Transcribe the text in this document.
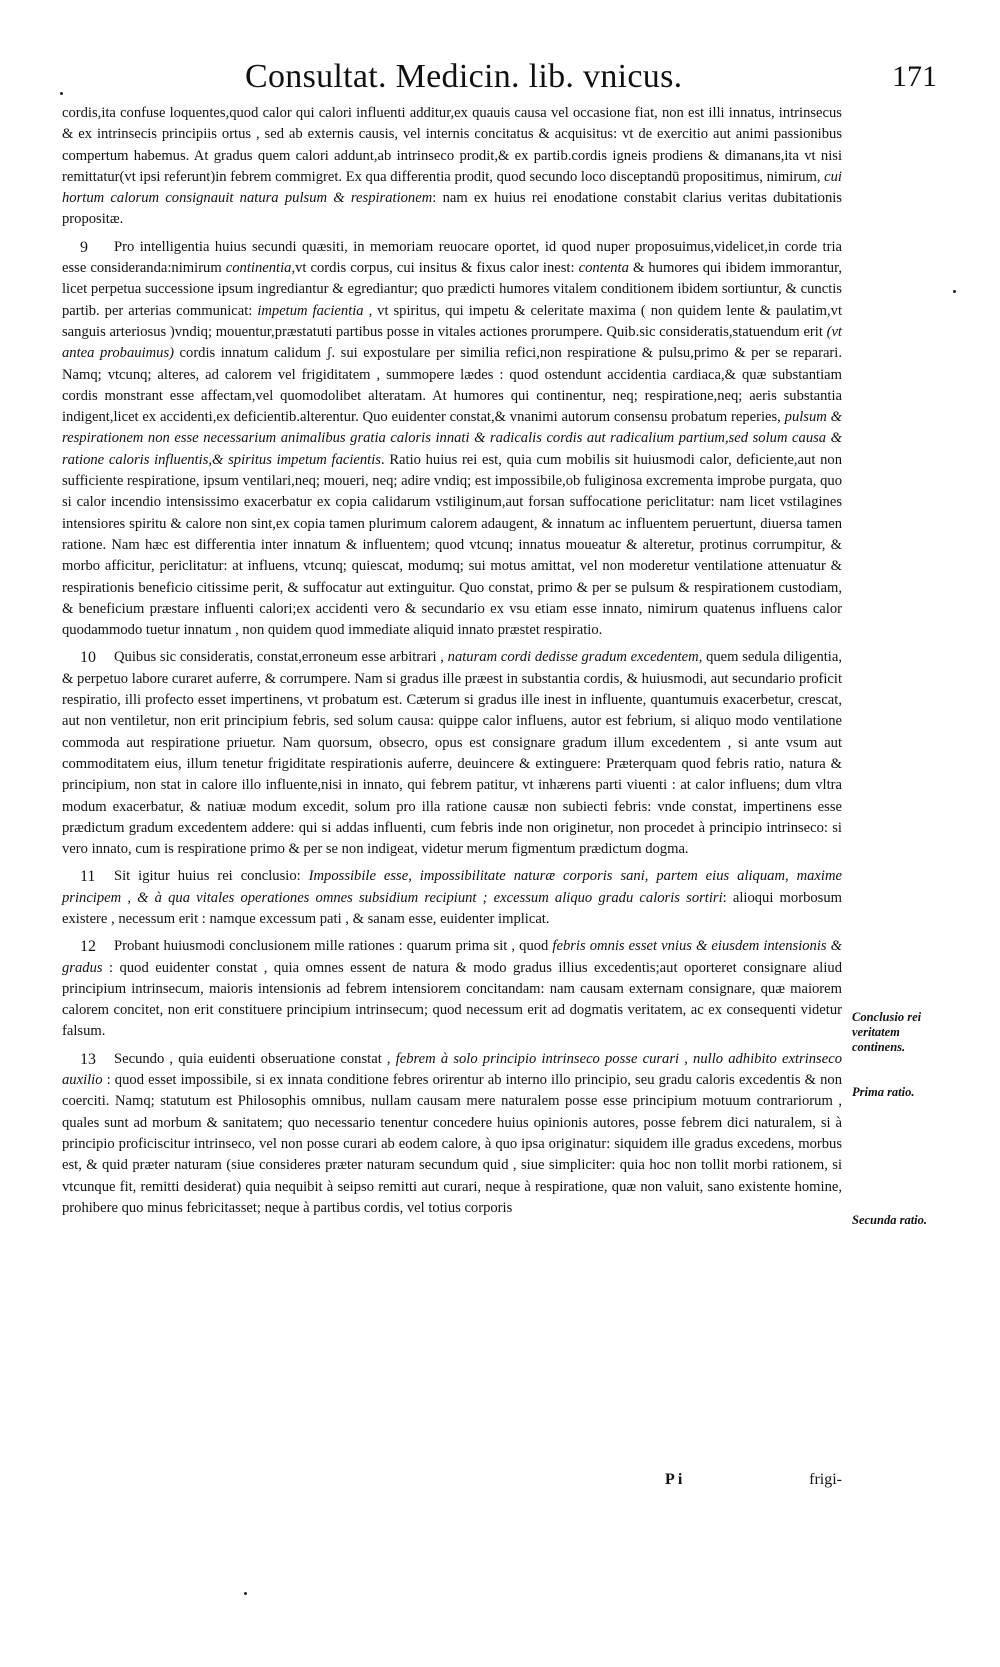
Consultat. Medicin. lib. vnicus.	171

cordis,ita confuse loquentes,quod calor qui calori influenti additur,ex quauis causa vel occasione fiat, non est illi innatus, intrinsecus & ex intrinsecis principiis ortus , sed ab externis causis, vel internis concitatus & acquisitus: vt de exercitio aut animi passionibus compertum habemus. At gradus quem calori addunt,ab intrinseco prodit,& ex partib.cordis igneis prodiens & dimanans,ita vt nisi remittatur(vt ipsi referunt)in febrem commigret. Ex qua differentia prodit, quod secundo loco disceptandū propositimus, nimirum, cui hortum calorum consignauit natura pulsum & respirationem: nam ex huius rei enodatione constabit clarius veritas dubitationis propositæ.

9 Pro intelligentia huius secundi quæsiti, in memoriam reuocare oportet, id quod nuper proposuimus,videlicet,in corde tria esse consideranda:nimirum continentia,vt cordis corpus, cui insitus & fixus calor inest: contenta & humores qui ibidem immorantur, licet perpetua successione ipsum ingrediantur & egrediantur; quo prædicti humores vitalem conditionem ibidem sortiuntur, & cunctis partib. per arterias communicat: impetum facientia , vt spiritus, qui impetu & celeritate maxima ( non quidem lente & paulatim,vt sanguis arteriosus )vndiq; mouentur,præstatuti partibus posse in vitales actiones prorumpere. Quib.sic consideratis,statuendum erit (vt antea probauimus) cordis innatum calidum ʃ. sui expostulare per similia refici,non respiratione & pulsu,primo & per se reparari. Namq; vtcunq; alteres, ad calorem vel frigiditatem , summopere lædes : quod ostendunt accidentia cardiaca,& quæ substantiam cordis monstrant esse affectam,vel quomodolibet alteratam. At humores qui continentur, neq; respiratione,neq; aeris substantia indigent,licet ex accidenti,ex deficientib.alterentur. Quo euidenter constat,& vnanimi autorum consensu probatum reperies, pulsum & respirationem non esse necessarium animalibus gratia caloris innati & radicalis cordis aut radicalium partium,sed solum causa & ratione caloris influentis,& spiritus impetum facientis. Ratio huius rei est, quia cum mobilis sit huiusmodi calor, deficiente,aut non sufficiente respiratione, ipsum ventilari,neq; moueri, neq; adire vndiq; est impossibile,ob fuliginosa excrementa improbe purgata, quo si calor incendio intensissimo exacerbatur ex copia calidarum vstiliginum,aut forsan suffocatione periclitatur: nam licet vstilagines intensiores spiritu & calore non sint,ex copia tamen plurimum calorem adaugent, & innatum ac influentem peruertunt, diuersa tamen ratione. Nam hæc est differentia inter innatum & influentem; quod vtcunq; innatus moueatur & alteretur, protinus corrumpitur, & morbo afficitur, periclitatur: at influens, vtcunq; quiescat, modumq; sui motus amittat, vel non moderetur ventilatione attenuatur & respirationis beneficio citissime perit, & suffocatur aut extinguitur. Quo constat, primo & per se pulsum & respirationem custodiam, & beneficium præstare influenti calori;ex accidenti vero & secundario ex vsu etiam esse innato, nimirum quatenus influens calor quodammodo tuetur innatum , non quidem quod immediate aliquid innato præstet respiratio.

10 Quibus sic consideratis, constat,erroneum esse arbitrari , naturam cordi dedisse gradum excedentem, quem sedula diligentia, & perpetuo labore curaret auferre, & corrumpere. Nam si gradus ille præest in substantia cordis, & huiusmodi, aut secundario proficit respiratio, illi profecto esset impertinens, vt probatum est. Cæterum si gradus ille inest in influente, quantumuis exacerbetur, crescat, aut non ventiletur, non erit principium febris, sed solum causa: quippe calor influens, autor est febrium, si aliquo modo ventilatione commoda aut respiratione priuetur. Nam quorsum, obsecro, opus est consignare gradum illum excedentem , si ante vsum aut commoditatem eius, illum tenetur frigiditate respirationis auferre, deuincere & extinguere: Præterquam quod febris ratio, natura & principium, non stat in calore illo influente,nisi in innato, qui febrem patitur, vt inhærens parti viuenti : at calor influens; dum vltra modum exacerbatur, & natiuæ modum excedit, solum pro illa ratione causæ non subiecti febris: vnde constat, impertinens esse prædictum gradum excedentem addere: qui si addas influenti, cum febris inde non originetur, non procedet à principio intrinseco: si vero innato, cum is respiratione primo & per se non indigeat, videtur merum figmentum prædictum dogma.

11 Sit igitur huius rei conclusio: Impossibile esse, impossibilitate naturæ corporis sani, partem eius aliquam, maxime principem , & à qua vitales operationes omnes subsidium recipiunt ; excessum aliquo gradu caloris sortiri: alioqui morbosum existere , necessum erit : namque excessum pati , & sanam esse, euidenter implicat.

12 Probant huiusmodi conclusionem mille rationes : quarum prima sit , quod febris omnis esset vnius & eiusdem intensionis & gradus : quod euidenter constat , quia omnes essent de natura & modo gradus illius excedentis;aut oporteret consignare aliud principium intrinsecum, maioris intensionis ad febrem intensiorem concitandam: nam causam externam consignare, quæ maiorem calorem concitet, non erit constituere principium intrinsecum; quod necessum erit ad dogmatis veritatem, ac ex consequenti videtur falsum.

13 Secundo , quia euidenti obseruatione constat , febrem à solo principio intrinseco posse curari , nullo adhibito extrinseco auxilio : quod esset impossibile, si ex innata conditione febres orirentur ab interno illo principio, seu gradu caloris excedentis & non coerciti. Namq; statutum est Philosophis omnibus, nullam causam mere naturalem posse esse principium motuum contrariorum , quales sunt ad morbum & sanitatem; quo necessario tenentur concedere huius opinionis autores, posse febrem dici naturalem, si à principio proficiscitur intrinseco, vel non posse curari ab eodem calore, à quo ipsa originatur: siquidem ille gradus excedens, morbus est, & quid præter naturam (siue consideres præter naturam secundum quid , siue simpliciter: quia hoc non tollit morbi rationem, si vtcunque fit, remitti desiderat) quia nequibit à seipso remitti aut curari, neque à respiratione, quæ non valuit, sano existente homine, prohibere quo minus febricitasset; neque à partibus cordis, vel totius corporis

Conclusio rei veritatem continens.
Prima ratio.
Secunda ratio.
P i	frigi-
